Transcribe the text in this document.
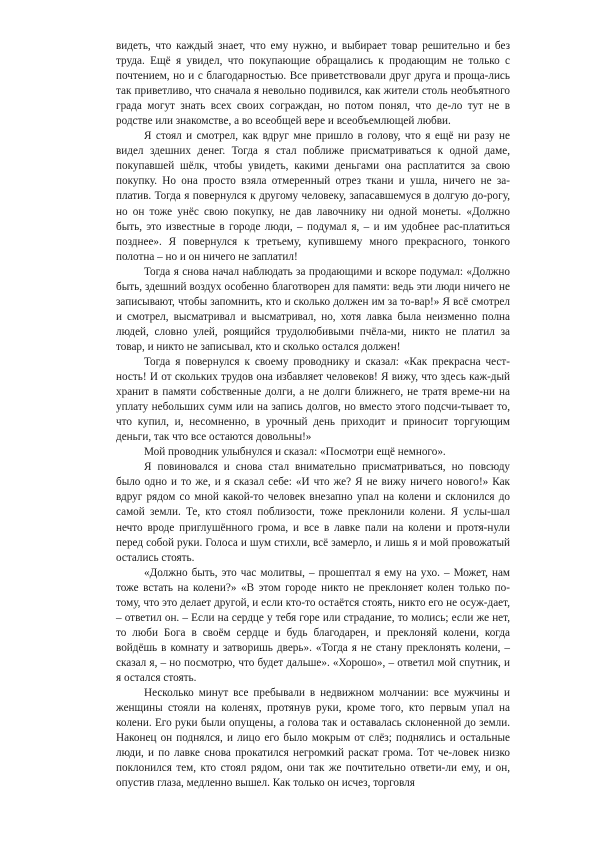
видеть, что каждый знает, что ему нужно, и выбирает товар решительно и без труда. Ещё я увидел, что покупающие обращались к продающим не только с почтением, но и с благодарностью. Все приветствовали друг друга и проща-лись так приветливо, что сначала я невольно подивился, как жители столь необъятного града могут знать всех своих сограждан, но потом понял, что де-ло тут не в родстве или знакомстве, а во всеобщей вере и всеобъемлющей любви.

Я стоял и смотрел, как вдруг мне пришло в голову, что я ещё ни разу не видел здешних денег. Тогда я стал поближе присматриваться к одной даме, покупавшей шёлк, чтобы увидеть, какими деньгами она расплатится за свою покупку. Но она просто взяла отмеренный отрез ткани и ушла, ничего не за-платив. Тогда я повернулся к другому человеку, запасавшемуся в долгую до-рогу, но он тоже унёс свою покупку, не дав лавочнику ни одной монеты. «Должно быть, это известные в городе люди, – подумал я, – и им удобнее рас-платиться позднее». Я повернулся к третьему, купившему много прекрасного, тонкого полотна – но и он ничего не заплатил!

Тогда я снова начал наблюдать за продающими и вскоре подумал: «Должно быть, здешний воздух особенно благотворен для памяти: ведь эти люди ничего не записывают, чтобы запомнить, кто и сколько должен им за то-вар!» Я всё смотрел и смотрел, высматривал и высматривал, но, хотя лавка была неизменно полна людей, словно улей, роящийся трудолюбивыми пчёла-ми, никто не платил за товар, и никто не записывал, кто и сколько остался должен!

Тогда я повернулся к своему проводнику и сказал: «Как прекрасна чест-ность! И от скольких трудов она избавляет человеков! Я вижу, что здесь каж-дый хранит в памяти собственные долги, а не долги ближнего, не тратя време-ни на уплату небольших сумм или на запись долгов, но вместо этого подсчи-тывает то, что купил, и, несомненно, в урочный день приходит и приносит торгующим деньги, так что все остаются довольны!»

Мой проводник улыбнулся и сказал: «Посмотри ещё немного».

Я повиновался и снова стал внимательно присматриваться, но повсюду было одно и то же, и я сказал себе: «И что же? Я не вижу ничего нового!» Как вдруг рядом со мной какой-то человек внезапно упал на колени и склонился до самой земли. Те, кто стоял поблизости, тоже преклонили колени. Я услы-шал нечто вроде приглушённого грома, и все в лавке пали на колени и протя-нули перед собой руки. Голоса и шум стихли, всё замерло, и лишь я и мой провожатый остались стоять.

«Должно быть, это час молитвы, – прошептал я ему на ухо. – Может, нам тоже встать на колени?» «В этом городе никто не преклоняет колен только по-тому, что это делает другой, и если кто-то остаётся стоять, никто его не осуж-дает, – ответил он. – Если на сердце у тебя горе или страдание, то молись; если же нет, то люби Бога в своём сердце и будь благодарен, и преклоняй колени, когда войдёшь в комнату и затворишь дверь». «Тогда я не стану преклонять колени, – сказал я, – но посмотрю, что будет дальше». «Хорошо», – ответил мой спутник, и я остался стоять.

Несколько минут все пребывали в недвижном молчании: все мужчины и женщины стояли на коленях, протянув руки, кроме того, кто первым упал на колени. Его руки были опущены, а голова так и оставалась склоненной до земли. Наконец он поднялся, и лицо его было мокрым от слёз; поднялись и остальные люди, и по лавке снова прокатился негромкий раскат грома. Тот че-ловек низко поклонился тем, кто стоял рядом, они так же почтительно ответи-ли ему, и он, опустив глаза, медленно вышел. Как только он исчез, торговля
